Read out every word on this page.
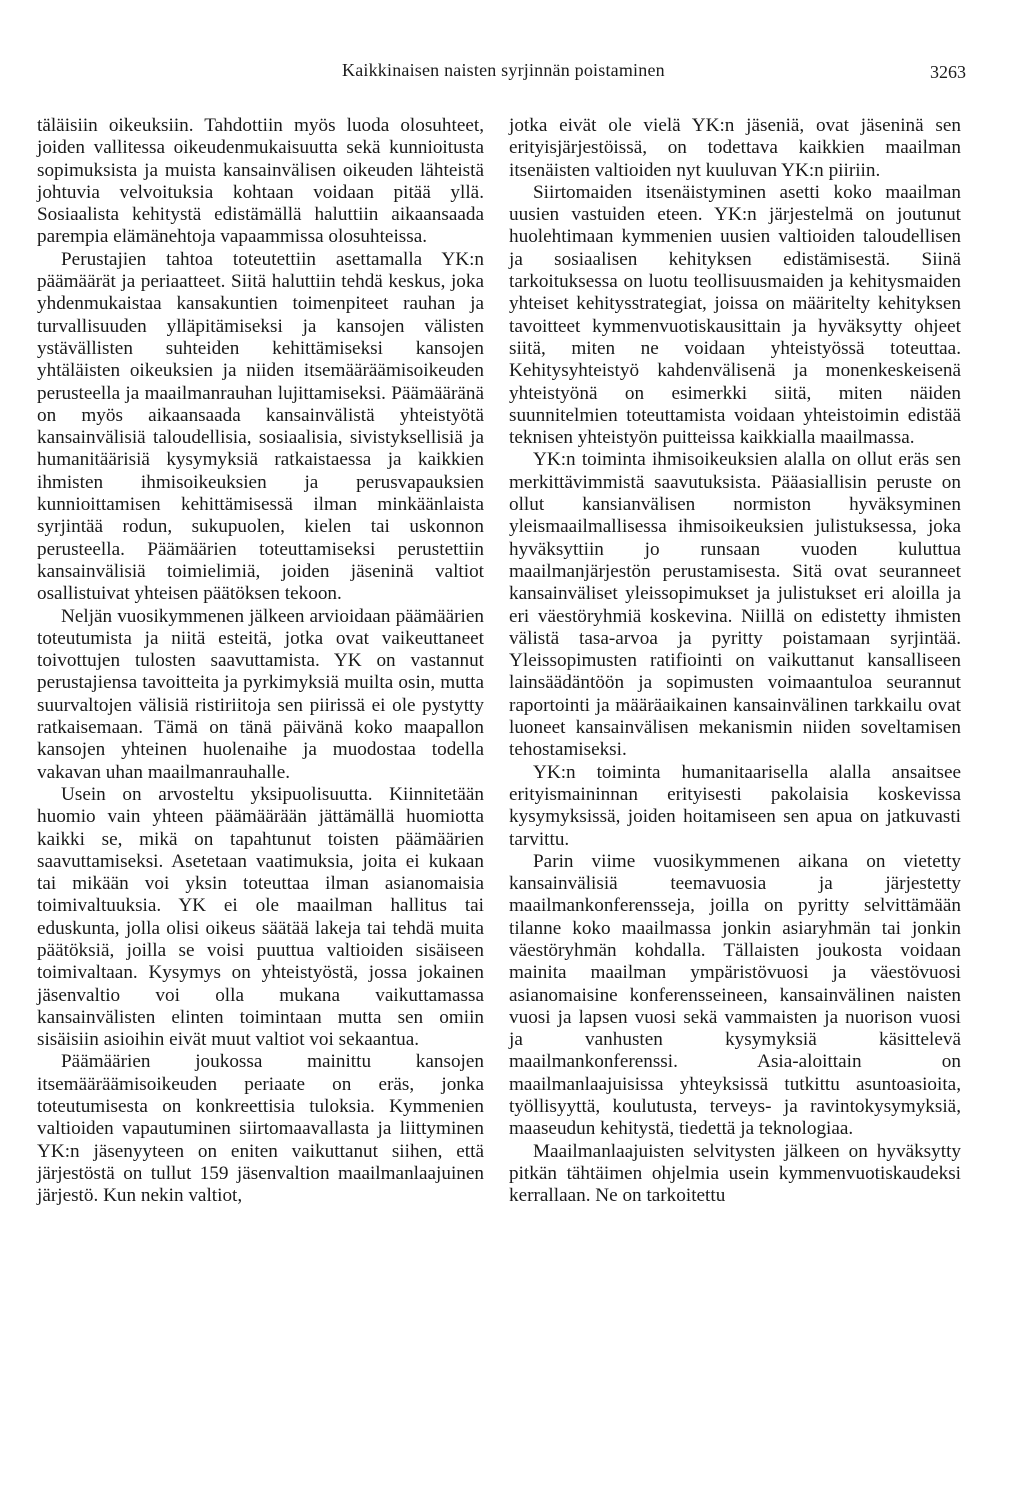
Kaikkinaisen naisten syrjinnän poistaminen	3263

täläisiin oikeuksiin. Tahdottiin myös luoda olosuhteet, joiden vallitessa oikeudenmukaisuutta sekä kunnioitusta sopimuksista ja muista kansainvälisen oikeuden lähteistä johtuvia velvoituksia kohtaan voidaan pitää yllä. Sosiaalista kehitystä edistämällä haluttiin aikaansaada parempia elämänehtoja vapaammissa olosuhteissa.

Perustajien tahtoa toteutettiin asettamalla YK:n päämäärät ja periaatteet. Siitä haluttiin tehdä keskus, joka yhdenmukaistaa kansakuntien toimenpiteet rauhan ja turvallisuuden ylläpitämiseksi ja kansojen välisten ystävällisten suhteiden kehittämiseksi kansojen yhtäläisten oikeuksien ja niiden itsemääräämisoikeuden perusteella ja maailmanrauhan lujittamiseksi. Päämääränä on myös aikaansaada kansainvälistä yhteistyötä kansainvälisiä taloudellisia, sosiaalisia, sivistyksellisiä ja humanitäärisiä kysymyksiä ratkaistaessa ja kaikkien ihmisten ihmisoikeuksien ja perusvapauksien kunnioittamisen kehittämisessä ilman minkäänlaista syrjintää rodun, sukupuolen, kielen tai uskonnon perusteella. Päämäärien toteuttamiseksi perustettiin kansainvälisiä toimielimiä, joiden jäseninä valtiot osallistuivat yhteisen päätöksen tekoon.

Neljän vuosikymmenen jälkeen arvioidaan päämäärien toteutumista ja niitä esteitä, jotka ovat vaikeuttaneet toivottujen tulosten saavuttamista. YK on vastannut perustajiensa tavoitteita ja pyrkimyksiä muilta osin, mutta suurvaltojen välisiä ristiriitoja sen piirissä ei ole pystytty ratkaisemaan. Tämä on tänä päivänä koko maapallon kansojen yhteinen huolenaihe ja muodostaa todella vakavan uhan maailmanrauhalle.

Usein on arvosteltu yksipuolisuutta. Kiinnitetään huomio vain yhteen päämäärään jättämällä huomiotta kaikki se, mikä on tapahtunut toisten päämäärien saavuttamiseksi. Asetetaan vaatimuksia, joita ei kukaan tai mikään voi yksin toteuttaa ilman asianomaisia toimivaltuuksia. YK ei ole maailman hallitus tai eduskunta, jolla olisi oikeus säätää lakeja tai tehdä muita päätöksiä, joilla se voisi puuttua valtioiden sisäiseen toimivaltaan. Kysymys on yhteistyöstä, jossa jokainen jäsenvaltio voi olla mukana vaikuttamassa kansainvälisten elinten toimintaan mutta sen omiin sisäisiin asioihin eivät muut valtiot voi sekaantua.

Päämäärien joukossa mainittu kansojen itsemääräämisoikeuden periaate on eräs, jonka toteutumisesta on konkreettisia tuloksia. Kymmenien valtioiden vapautuminen siirtomaavallasta ja liittyminen YK:n jäsenyyteen on eniten vaikuttanut siihen, että järjestöstä on tullut 159 jäsenvaltion maailmanlaajuinen järjestö. Kun nekin valtiot,

jotka eivät ole vielä YK:n jäseniä, ovat jäseninä sen erityisjärjestöissä, on todettava kaikkien maailman itsenäisten valtioiden nyt kuuluvan YK:n piiriin.

Siirtomaiden itsenäistyminen asetti koko maailman uusien vastuiden eteen. YK:n järjestelmä on joutunut huolehtimaan kymmenien uusien valtioiden taloudellisen ja sosiaalisen kehityksen edistämisestä. Siinä tarkoituksessa on luotu teollisuusmaiden ja kehitysmaiden yhteiset kehitysstrategiat, joissa on määritelty kehityksen tavoitteet kymmenvuotiskausittain ja hyväksytty ohjeet siitä, miten ne voidaan yhteistyössä toteuttaa. Kehitysyhteistyö kahdenvälisenä ja monenkeskeisenä yhteistyönä on esimerkki siitä, miten näiden suunnitelmien toteuttamista voidaan yhteistoimin edistää teknisen yhteistyön puitteissa kaikkialla maailmassa.

YK:n toiminta ihmisoikeuksien alalla on ollut eräs sen merkittävimmistä saavutuksista. Pääasiallisin peruste on ollut kansianvälisen normiston hyväksyminen yleismaailmallisessa ihmisoikeuksien julistuksessa, joka hyväksyttiin jo runsaan vuoden kuluttua maailmanjärjestön perustamisesta. Sitä ovat seuranneet kansainväliset yleissopimukset ja julistukset eri aloilla ja eri väestöryhmiä koskevina. Niillä on edistetty ihmisten välistä tasa-arvoa ja pyritty poistamaan syrjintää. Yleissopimusten ratifiointi on vaikuttanut kansalliseen lainsäädäntöön ja sopimusten voimaantuloa seurannut raportointi ja määräaikainen kansainvälinen tarkkailu ovat luoneet kansainvälisen mekanismin niiden soveltamisen tehostamiseksi.

YK:n toiminta humanitaarisella alalla ansaitsee erityismaininnan erityisesti pakolaisia koskevissa kysymyksissä, joiden hoitamiseen sen apua on jatkuvasti tarvittu.

Parin viime vuosikymmenen aikana on vietetty kansainvälisiä teemavuosia ja järjestetty maailmankonferensseja, joilla on pyritty selvittämään tilanne koko maailmassa jonkin asiaryhmän tai jonkin väestöryhmän kohdalla. Tällaisten joukosta voidaan mainita maailman ympäristövuosi ja väestövuosi asianomaisine konferensseineen, kansainvälinen naisten vuosi ja lapsen vuosi sekä vammaisten ja nuorison vuosi ja vanhusten kysymyksiä käsittelevä maailmankonferenssi. Asia-aloittain on maailmanlaajuisissa yhteyksissä tutkittu asuntoasioita, työllisyyttä, koulutusta, terveys- ja ravintokysymyksiä, maaseudun kehitystä, tiedettä ja teknologiaa.

Maailmanlaajuisten selvitysten jälkeen on hyväksytty pitkän tähtäimen ohjelmia usein kymmenvuotiskaudeksi kerrallaan. Ne on tarkoitettu
